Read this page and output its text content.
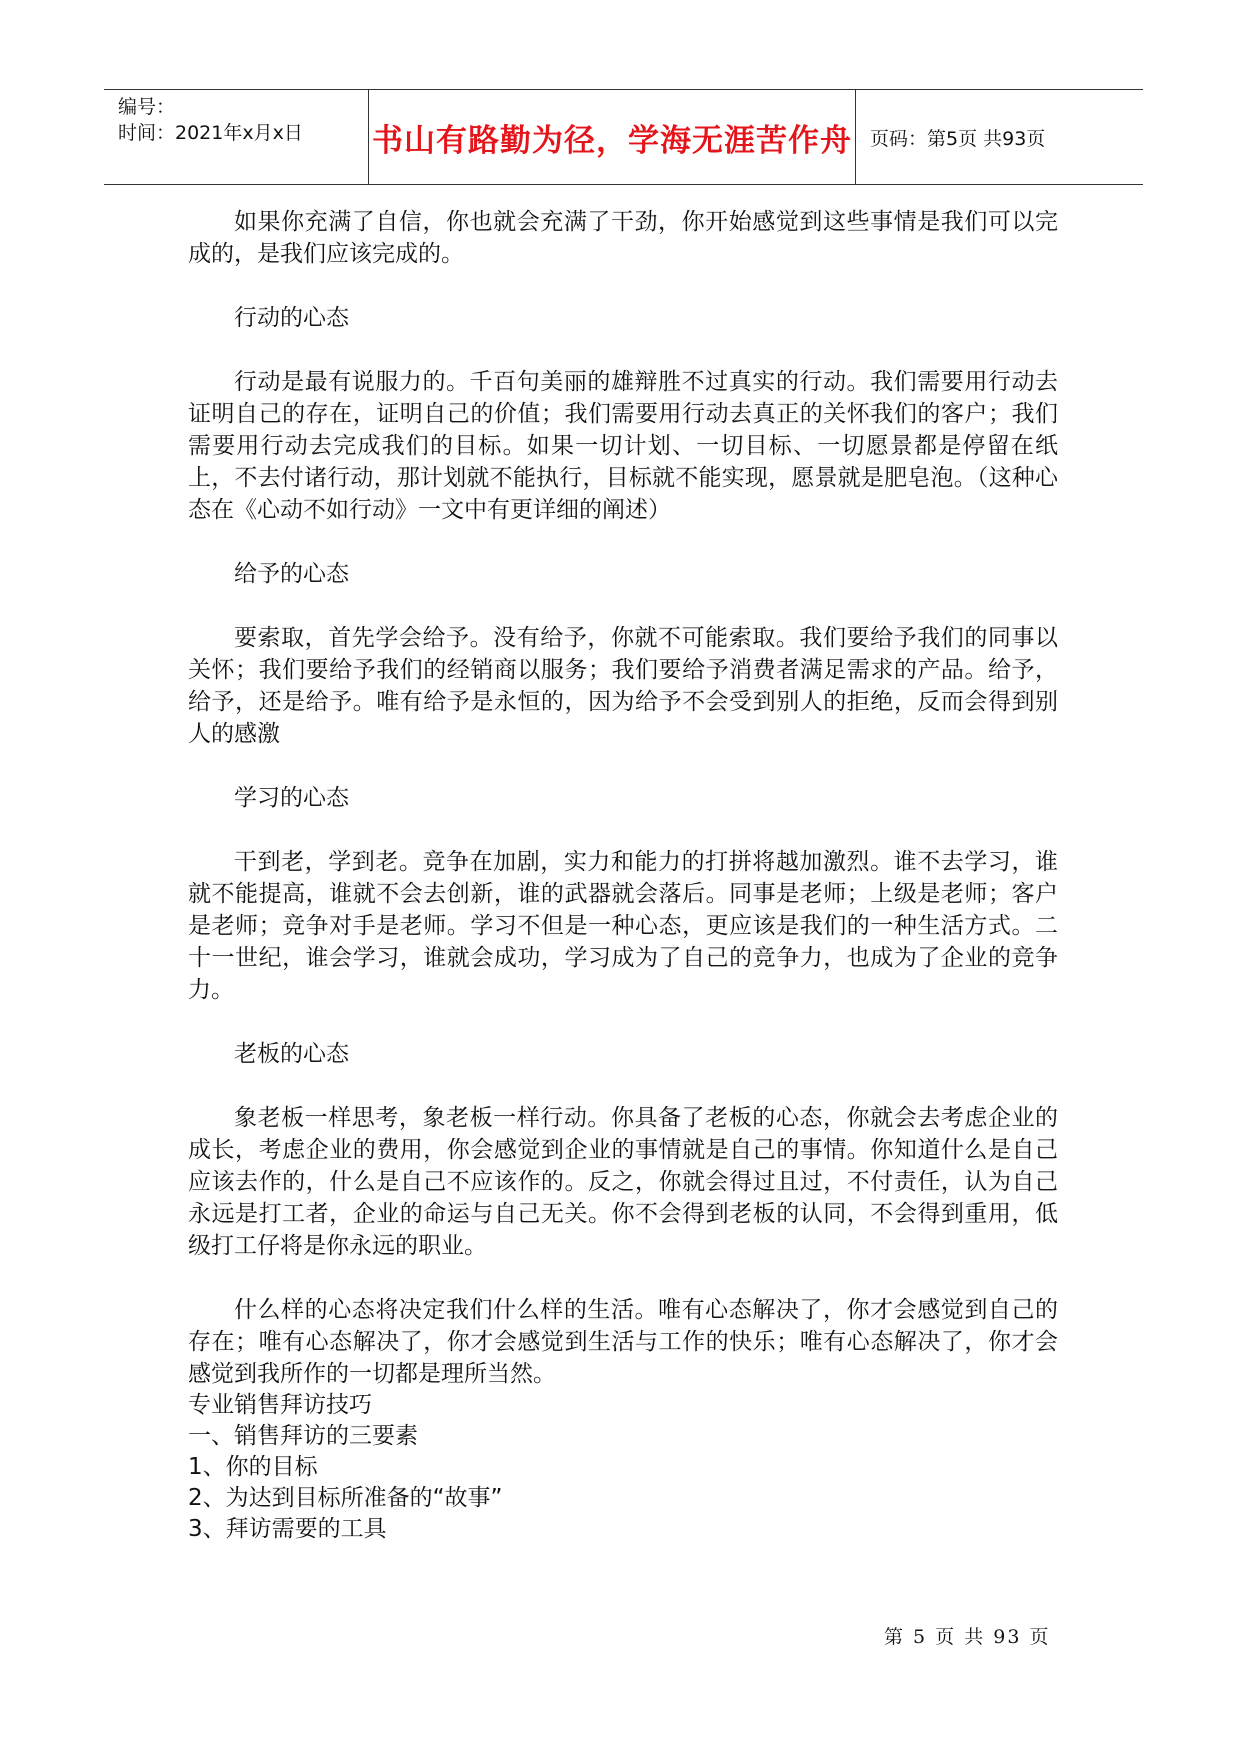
编号：
时间：2021年x月x日 书山有路勤为径，学海无涯苦作舟 页码：第5页 共93页

如果你充满了自信，你也就会充满了干劲，你开始感觉到这些事情是我们可以完成的，是我们应该完成的。

行动的心态

行动是最有说服力的。千百句美丽的雄辩胜不过真实的行动。我们需要用行动去证明自己的存在，证明自己的价值；我们需要用行动去真正的关怀我们的客户；我们需要用行动去完成我们的目标。如果一切计划、一切目标、一切愿景都是停留在纸上，不去付诸行动，那计划就不能执行，目标就不能实现，愿景就是肥皂泡。（这种心态在《心动不如行动》一文中有更详细的阐述）

给予的心态

要索取，首先学会给予。没有给予，你就不可能索取。我们要给予我们的同事以关怀；我们要给予我们的经销商以服务；我们要给予消费者满足需求的产品。给予，给予，还是给予。唯有给予是永恒的，因为给予不会受到别人的拒绝，反而会得到别人的感激

学习的心态

干到老，学到老。竞争在加剧，实力和能力的打拼将越加激烈。谁不去学习，谁就不能提高，谁就不会去创新，谁的武器就会落后。同事是老师；上级是老师；客户是老师；竞争对手是老师。学习不但是一种心态，更应该是我们的一种生活方式。二十一世纪，谁会学习，谁就会成功，学习成为了自己的竞争力，也成为了企业的竞争力。

老板的心态

象老板一样思考，象老板一样行动。你具备了老板的心态，你就会去考虑企业的成长，考虑企业的费用，你会感觉到企业的事情就是自己的事情。你知道什么是自己应该去作的，什么是自己不应该作的。反之，你就会得过且过，不付责任，认为自己永远是打工者，企业的命运与自己无关。你不会得到老板的认同，不会得到重用，低级打工仔将是你永远的职业。

什么样的心态将决定我们什么样的生活。唯有心态解决了，你才会感觉到自己的存在；唯有心态解决了，你才会感觉到生活与工作的快乐；唯有心态解决了，你才会感觉到我所作的一切都是理所当然。

专业销售拜访技巧
一、销售拜访的三要素
1、你的目标
2、为达到目标所准备的“故事”
3、拜访需要的工具
第 5 页 共 93 页
